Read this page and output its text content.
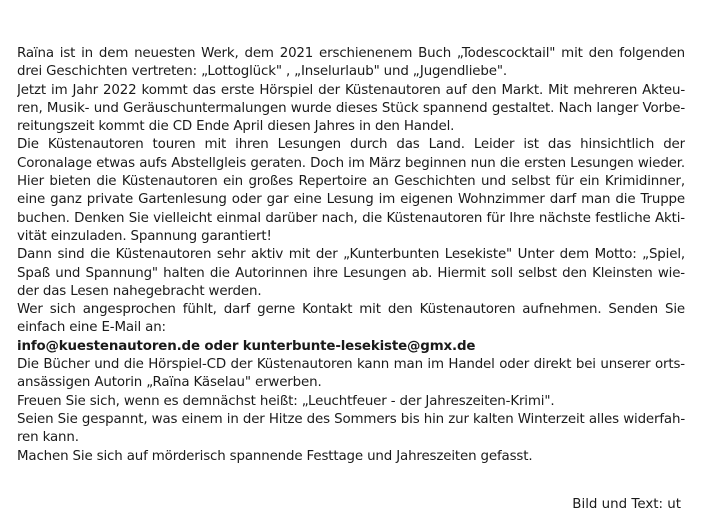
Raïna ist in dem neuesten Werk, dem 2021 erschienenem Buch „Todescocktail" mit den folgenden
drei Geschichten vertreten: „Lottoglück" , „Inselurlaub" und „Jugendliebe".
Jetzt im Jahr 2022 kommt das erste Hörspiel der Küstenautoren auf den Markt. Mit mehreren Akteu-
ren, Musik- und Geräuschuntermalungen wurde dieses Stück spannend gestaltet. Nach langer Vorbe-
reitungszeit kommt die CD Ende April diesen Jahres in den Handel.
Die Küstenautoren touren mit ihren Lesungen durch das Land. Leider ist das hinsichtlich der
Coronalage etwas aufs Abstellgleis geraten. Doch im März beginnen nun die ersten Lesungen wieder.
Hier bieten die Küstenautoren ein großes Repertoire an Geschichten und selbst für ein Krimidinner,
eine ganz private Gartenlesung oder gar eine Lesung im eigenen Wohnzimmer darf man die Truppe
buchen. Denken Sie vielleicht einmal darüber nach, die Küstenautoren für Ihre nächste festliche Akti-
vität einzuladen. Spannung garantiert!
Dann sind die Küstenautoren sehr aktiv mit der „Kunterbunten Lesekiste" Unter dem Motto: „Spiel,
Spaß und Spannung" halten die Autorinnen ihre Lesungen ab. Hiermit soll selbst den Kleinsten wie-
der das Lesen nahegebracht werden.
Wer sich angesprochen fühlt, darf gerne Kontakt mit den Küstenautoren aufnehmen. Senden Sie
einfach eine E-Mail an:
info@kuestenautoren.de oder kunterbunte-lesekiste@gmx.de
Die Bücher und die Hörspiel-CD der Küstenautoren kann man im Handel oder direkt bei unserer orts-
ansässigen Autorin „Raïna Käselau" erwerben.
Freuen Sie sich, wenn es demnächst heißt: „Leuchtfeuer - der Jahreszeiten-Krimi".
Seien Sie gespannt, was einem in der Hitze des Sommers bis hin zur kalten Winterzeit alles widerfah-
ren kann.
Machen Sie sich auf mörderisch spannende Festtage und Jahreszeiten gefasst.
Bild und Text: ut
